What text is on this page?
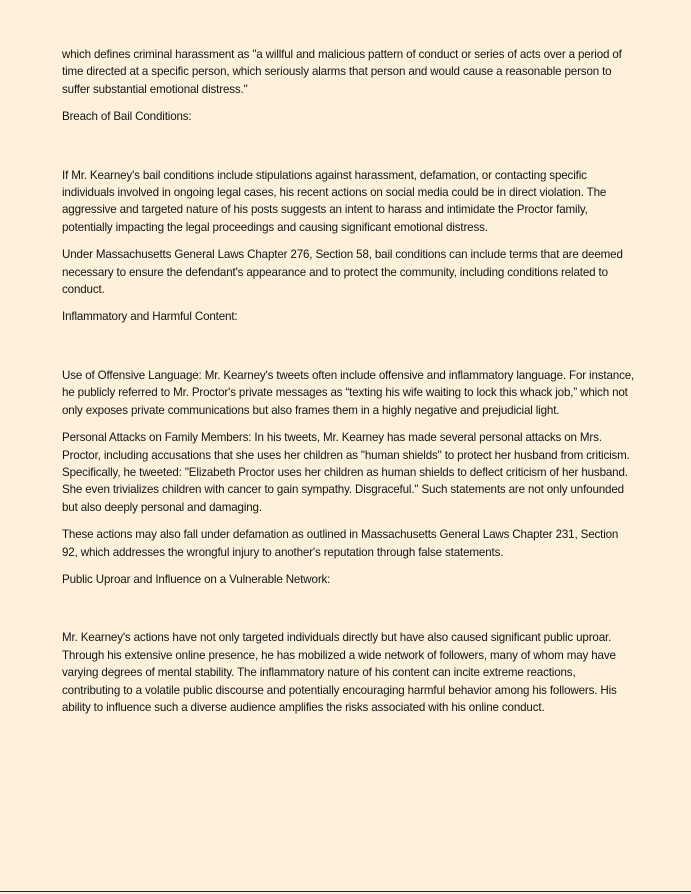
which defines criminal harassment as "a willful and malicious pattern of conduct or series of acts over a period of time directed at a specific person, which seriously alarms that person and would cause a reasonable person to suffer substantial emotional distress."

Breach of Bail Conditions:

If Mr. Kearney's bail conditions include stipulations against harassment, defamation, or contacting specific individuals involved in ongoing legal cases, his recent actions on social media could be in direct violation. The aggressive and targeted nature of his posts suggests an intent to harass and intimidate the Proctor family, potentially impacting the legal proceedings and causing significant emotional distress.

Under Massachusetts General Laws Chapter 276, Section 58, bail conditions can include terms that are deemed necessary to ensure the defendant's appearance and to protect the community, including conditions related to conduct.

Inflammatory and Harmful Content:

Use of Offensive Language: Mr. Kearney's tweets often include offensive and inflammatory language. For instance, he publicly referred to Mr. Proctor's private messages as “texting his wife waiting to lock this whack job,” which not only exposes private communications but also frames them in a highly negative and prejudicial light.

Personal Attacks on Family Members: In his tweets, Mr. Kearney has made several personal attacks on Mrs. Proctor, including accusations that she uses her children as "human shields" to protect her husband from criticism. Specifically, he tweeted: "Elizabeth Proctor uses her children as human shields to deflect criticism of her husband. She even trivializes children with cancer to gain sympathy. Disgraceful." Such statements are not only unfounded but also deeply personal and damaging.

These actions may also fall under defamation as outlined in Massachusetts General Laws Chapter 231, Section 92, which addresses the wrongful injury to another's reputation through false statements.

Public Uproar and Influence on a Vulnerable Network:

Mr. Kearney's actions have not only targeted individuals directly but have also caused significant public uproar. Through his extensive online presence, he has mobilized a wide network of followers, many of whom may have varying degrees of mental stability. The inflammatory nature of his content can incite extreme reactions, contributing to a volatile public discourse and potentially encouraging harmful behavior among his followers. His ability to influence such a diverse audience amplifies the risks associated with his online conduct.
